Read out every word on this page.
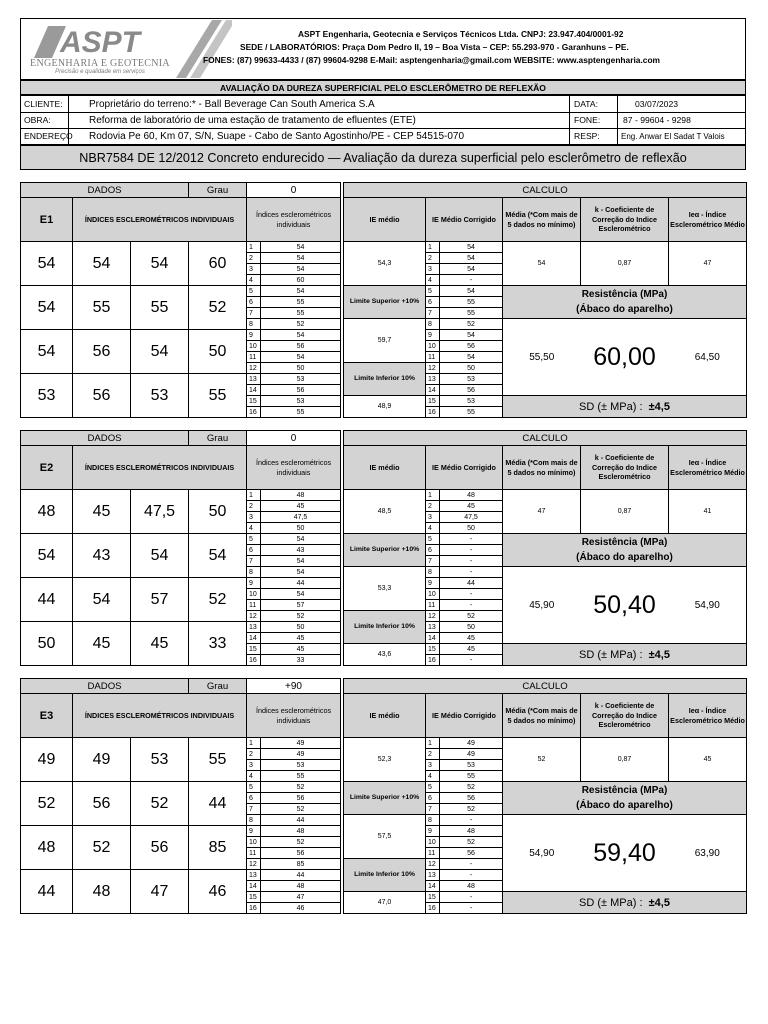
ASPT
ENGENHARIA E GEOTECNIA
Precisão e qualidade em serviços
ASPT Engenharia, Geotecnia e Serviços Técnicos Ltda. CNPJ: 23.947.404/0001-92
SEDE / LABORATÓRIOS: Praça Dom Pedro II, 19 – Boa Vista – CEP: 55.293-970 - Garanhuns – PE.
FONES: (87) 99633-4433 / (87) 99604-9298 E-Mail: asptengenharia@gmail.com WEBSITE: www.asptengenharia.com
AVALIAÇÃO DA DUREZA SUPERFICIAL PELO ESCLERÔMETRO DE REFLEXÃO
CLIENTE:	Proprietário do terreno:* - Ball Beverage Can South America S.A
OBRA:	Reforma de laboratório de uma estação de tratamento de efluentes (ETE)
ENDEREÇO Rodovia Pe 60, Km 07, S/N, Suape - Cabo de Santo Agostinho/PE - CEP 54515-070
DATA:	03/07/2023
FONE:	87 - 99604 - 9298
RESP:	Eng. Anwar El Sadat T Valois
NBR7584 DE 12/2012 Concreto endurecido — Avaliação da dureza superficial pelo esclerômetro de reflexão
DADOS			Grau	0	
E1	ÍNDICES ESCLEROMÉTRICOS INDIVIDUAIS			Índices esclerométricos individuais	
54	54	54	60	1	54
				2	54
				3	54
				4	60
54	55	55	52	5	54
				6	55
				7	55
				8	52
54	56	54	50	9	54
				10	56
				11	54
				12	50
53	56	53	55	13	53
				14	56
				15	53
				16	55
CALCULO					
IE médio	IE Médio Corrigido		Média (*Com mais de 5 dados no mínimo)	k - Coeficiente de Correção do Indice Esclerométrico	Ieα - Índice Esclerométrico Médio
54,3	1	54	54	0,87	47
	2	54			
	3	54			
	4	-			
Limite Superior +10%	5	54	Resistência (MPa)
(Ábaco do aparelho)		

	6	55			
	7	55			
59,7	8	52	55,50	60,00	64,50
	9	54			
	10	56			
	11	54			
Limite Inferior 10%	12	50			
	13	53			
	14	56			
48,9	15	53	SD (± MPa) : ±4,5		
	16	55			
DADOS			Grau	0	
E2	ÍNDICES ESCLEROMÉTRICOS INDIVIDUAIS			Índices esclerométricos individuais	
48	45	47,5	50	1	48
				2	45
				3	47,5
				4	50
54	43	54	54	5	54
				6	43
				7	54
				8	54
44	54	57	52	9	44
				10	54
				11	57
				12	52
50	45	45	33	13	50
				14	45
				15	45
				16	33
CALCULO					
IE médio	IE Médio Corrigido		Média (*Com mais de 5 dados no mínimo)	k - Coeficiente de Correção do Indice Esclerométrico	Ieα - Índice Esclerométrico Médio
48,5	1	48	47	0,87	41
	2	45			
	3	47,5			
	4	50			
Limite Superior +10%	5	-	Resistência (MPa)
(Ábaco do aparelho)		

	6	-			
	7	-			
53,3	8	-	45,90	50,40	54,90
	9	44			
	10	-			
	11	-			
Limite Inferior 10%	12	52			
	13	50			
	14	45			
43,6	15	45	SD (± MPa) : ±4,5		
	16	-			
DADOS			Grau	+90	
E3	ÍNDICES ESCLEROMÉTRICOS INDIVIDUAIS			Índices esclerométricos individuais	
49	49	53	55	1	49
				2	49
				3	53
				4	55
52	56	52	44	5	52
				6	56
				7	52
				8	44
48	52	56	85	9	48
				10	52
				11	56
				12	85
44	48	47	46	13	44
				14	48
				15	47
				16	46
CALCULO					
IE médio	IE Médio Corrigido		Média (*Com mais de 5 dados no mínimo)	k - Coeficiente de Correção do Indice Esclerométrico	Ieα - Índice Esclerométrico Médio
52,3	1	49	52	0,87	45
	2	49			
	3	53			
	4	55			
Limite Superior +10%	5	52	Resistência (MPa)
(Ábaco do aparelho)		

	6	56			
	7	52			
57,5	8	-	54,90	59,40	63,90
	9	48			
	10	52			
	11	56			
Limite Inferior 10%	12	-			
	13	-			
	14	48			
47,0	15	-	SD (± MPa) : ±4,5		
	16	-			
